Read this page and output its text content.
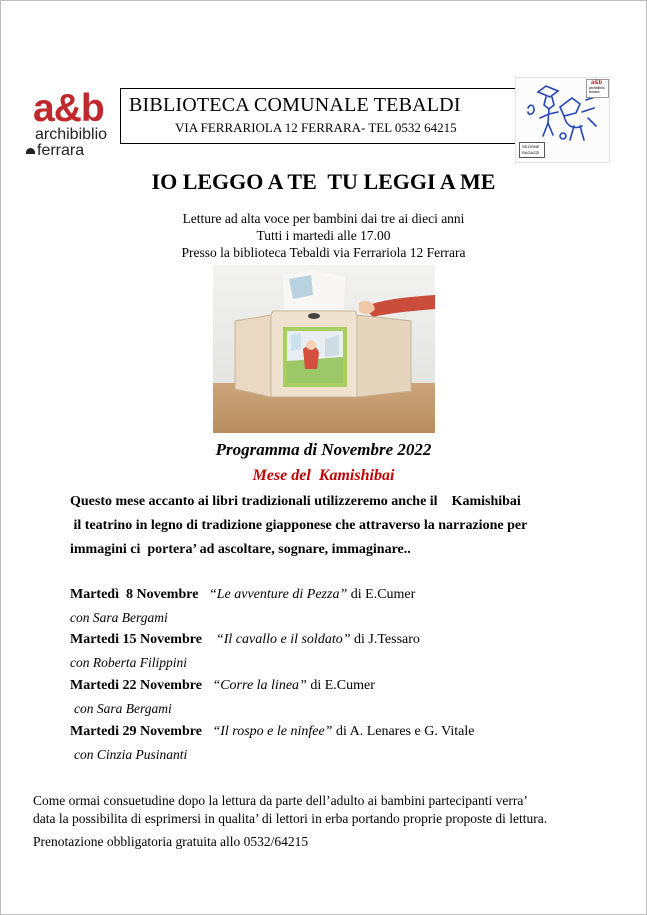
a&b
archibiblio
ferrara
BIBLIOTECA COMUNALE TEBALDI
VIA FERRARIOLA 12 FERRARA- TEL 0532 64215
a&b
archibiblio
ferrara
SEZIONE
RAGAZZI
IO LEGGO A TE  TU LEGGI A ME
Letture ad alta voce per bambini dai tre ai dieci anni
Tutti i martedi alle 17.00
Presso la biblioteca Tebaldi via Ferrariola 12 Ferrara
Programma di Novembre 2022
Mese del  Kamishibai
Questo mese accanto ai libri tradizionali utilizzeremo anche il    Kamishibai
il teatrino in legno di tradizione giapponese che attraverso la narrazione per
immagini ci  portera’ ad ascoltare, sognare, immaginare..
Martedì  8 Novembre “Le avventure di Pezza” di E.Cumer
con Sara Bergami
Martedi 15 Novembre “Il cavallo e il soldato” di J.Tessaro
con Roberta Filippini
Martedi 22 Novembre “Corre la linea” di E.Cumer
con Sara Bergami
Martedi 29 Novembre “Il rospo e le ninfee” di A. Lenares e G. Vitale
con Cinzia Pusinanti
Come ormai consuetudine dopo la lettura da parte dell’adulto ai bambini partecipanti verra’
data la possibilita di esprimersi in qualita’ di lettori in erba portando proprie proposte di lettura.
Prenotazione obbligatoria gratuita allo 0532/64215
